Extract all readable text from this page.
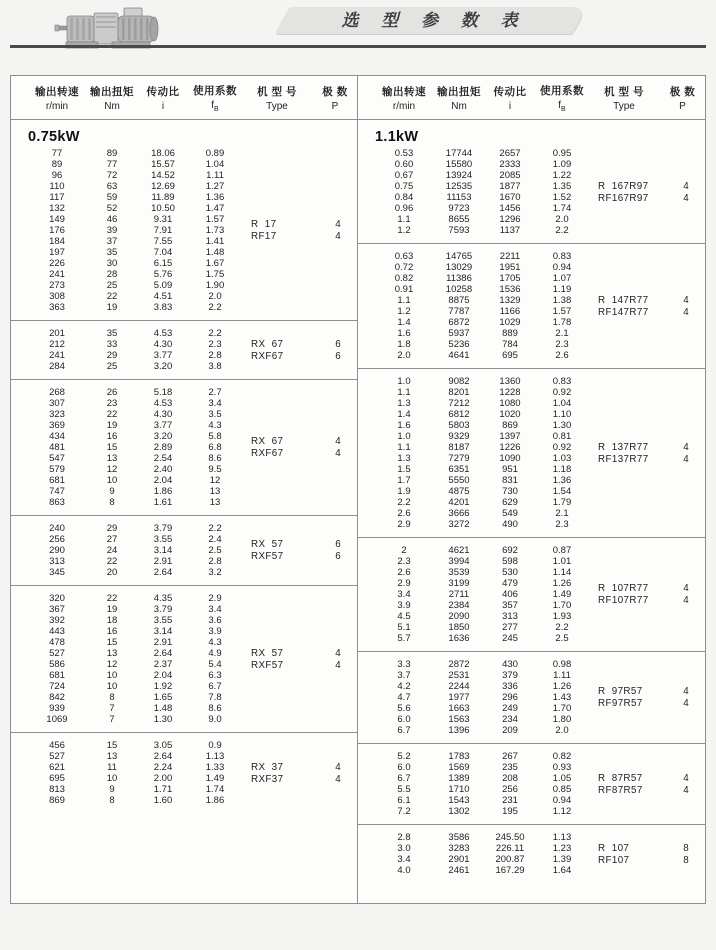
选 型 参 数 表
输出转速
r/min
输出扭矩
Nm
传动比
i
使用系数
$f_B$
机 型 号
Type
极 数
P
0.75kW
77	89	18.06	0.89
89	77	15.57	1.04
96	72	14.52	1.11
110	63	12.69	1.27
117	59	11.89	1.36
132	52	10.50	1.47
149	46	9.31	1.57
176	39	7.91	1.73
184	37	7.55	1.41
197	35	7.04	1.48
226	30	6.15	1.67
241	28	5.76	1.75
273	25	5.09	1.90
308	22	4.51	2.0
363	19	3.83	2.2
R  17	4
RF17	4
201	35	4.53	2.2
212	33	4.30	2.3
241	29	3.77	2.8
284	25	3.20	3.8
RX  67	6
RXF67	6
268	26	5.18	2.7
307	23	4.53	3.4
323	22	4.30	3.5
369	19	3.77	4.3
434	16	3.20	5.8
481	15	2.89	6.8
547	13	2.54	8.6
579	12	2.40	9.5
681	10	2.04	12
747	9	1.86	13
863	8	1.61	13
RX  67	4
RXF67	4
240	29	3.79	2.2
256	27	3.55	2.4
290	24	3.14	2.5
313	22	2.91	2.8
345	20	2.64	3.2
RX  57	6
RXF57	6
320	22	4.35	2.9
367	19	3.79	3.4
392	18	3.55	3.6
443	16	3.14	3.9
478	15	2.91	4.3
527	13	2.64	4.9
586	12	2.37	5.4
681	10	2.04	6.3
724	10	1.92	6.7
842	8	1.65	7.8
939	7	1.48	8.6
1069	7	1.30	9.0
RX  57	4
RXF57	4
456	15	3.05	0.9
527	13	2.64	1.13
621	11	2.24	1.33
695	10	2.00	1.49
813	9	1.71	1.74
869	8	1.60	1.86
RX  37	4
RXF37	4
输出转速
r/min
输出扭矩
Nm
传动比
i
使用系数
$f_B$
机 型 号
Type
极 数
P
1.1kW
0.53	17744	2657	0.95
0.60	15580	2333	1.09
0.67	13924	2085	1.22
0.75	12535	1877	1.35
0.84	11153	1670	1.52
0.96	9723	1456	1.74
1.1	8655	1296	2.0
1.2	7593	1137	2.2
R  167R97	4
RF167R97	4
0.63	14765	2211	0.83
0.72	13029	1951	0.94
0.82	11386	1705	1.07
0.91	10258	1536	1.19
1.1	8875	1329	1.38
1.2	7787	1166	1.57
1.4	6872	1029	1.78
1.6	5937	889	2.1
1.8	5236	784	2.3
2.0	4641	695	2.6
R  147R77	4
RF147R77	4
1.0	9082	1360	0.83
1.1	8201	1228	0.92
1.3	7212	1080	1.04
1.4	6812	1020	1.10
1.6	5803	869	1.30
1.0	9329	1397	0.81
1.1	8187	1226	0.92
1.3	7279	1090	1.03
1.5	6351	951	1.18
1.7	5550	831	1.36
1.9	4875	730	1.54
2.2	4201	629	1.79
2.6	3666	549	2.1
2.9	3272	490	2.3
R  137R77	4
RF137R77	4
2	4621	692	0.87
2.3	3994	598	1.01
2.6	3539	530	1.14
2.9	3199	479	1.26
3.4	2711	406	1.49
3.9	2384	357	1.70
4.5	2090	313	1.93
5.1	1850	277	2.2
5.7	1636	245	2.5
R  107R77	4
RF107R77	4
3.3	2872	430	0.98
3.7	2531	379	1.11
4.2	2244	336	1.26
4.7	1977	296	1.43
5.6	1663	249	1.70
6.0	1563	234	1.80
6.7	1396	209	2.0
R  97R57	4
RF97R57	4
5.2	1783	267	0.82
6.0	1569	235	0.93
6.7	1389	208	1.05
5.5	1710	256	0.85
6.1	1543	231	0.94
7.2	1302	195	1.12
R  87R57	4
RF87R57	4
2.8	3586	245.50	1.13
3.0	3283	226.11	1.23
3.4	2901	200.87	1.39
4.0	2461	167.29	1.64
R  107	8
RF107	8
